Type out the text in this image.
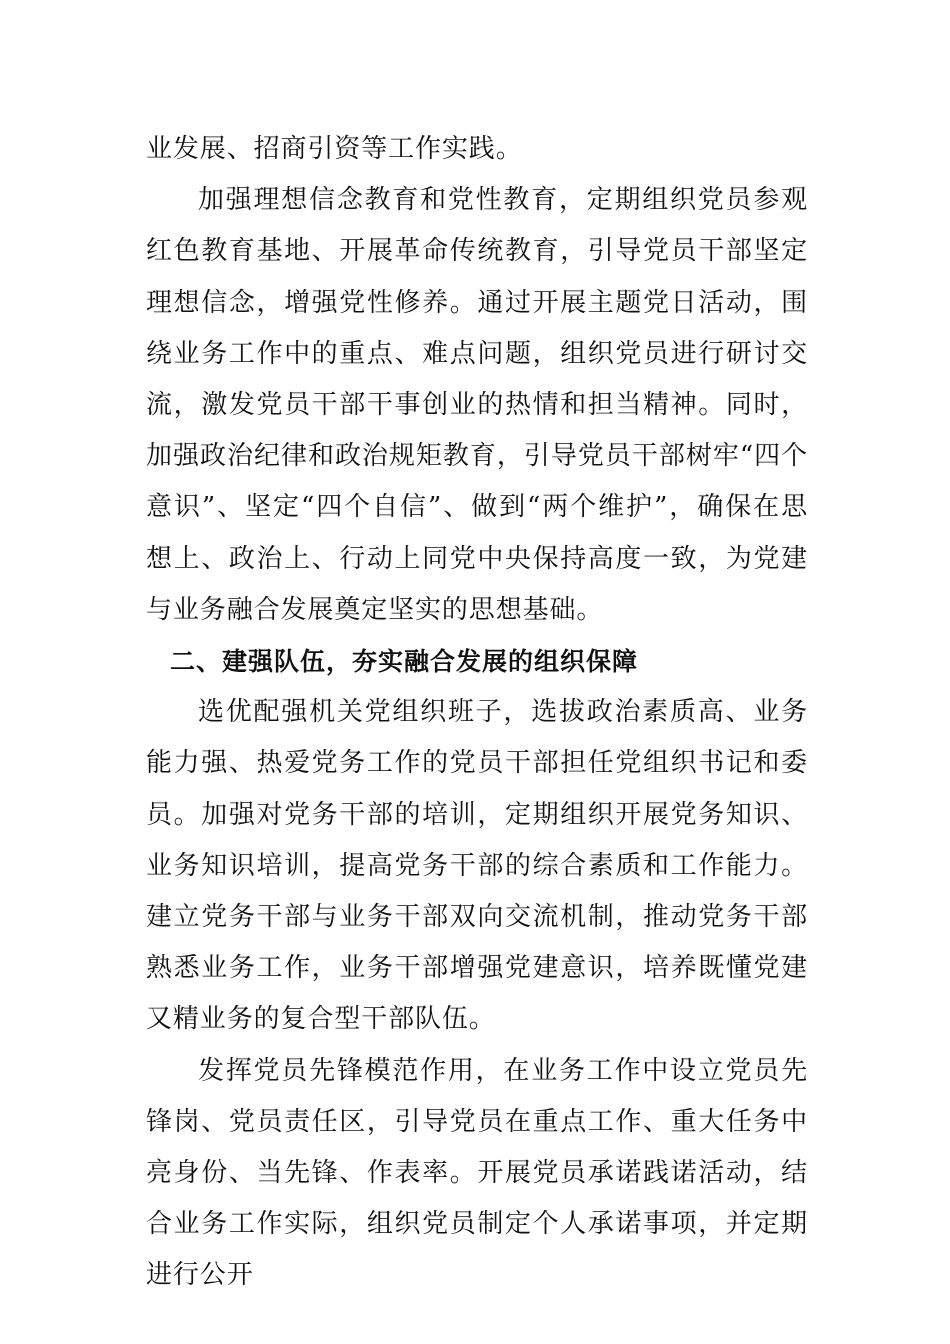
业发展、招商引资等工作实践。

加强理想信念教育和党性教育，定期组织党员参观红色教育基地、开展革命传统教育，引导党员干部坚定理想信念，增强党性修养。通过开展主题党日活动，围绕业务工作中的重点、难点问题，组织党员进行研讨交流，激发党员干部干事创业的热情和担当精神。同时，加强政治纪律和政治规矩教育，引导党员干部树牢“四个意识”、坚定“四个自信”、做到“两个维护”，确保在思想上、政治上、行动上同党中央保持高度一致，为党建与业务融合发展奠定坚实的思想基础。

二、建强队伍，夯实融合发展的组织保障

选优配强机关党组织班子，选拔政治素质高、业务能力强、热爱党务工作的党员干部担任党组织书记和委员。加强对党务干部的培训，定期组织开展党务知识、业务知识培训，提高党务干部的综合素质和工作能力。建立党务干部与业务干部双向交流机制，推动党务干部熟悉业务工作，业务干部增强党建意识，培养既懂党建又精业务的复合型干部队伍。

发挥党员先锋模范作用，在业务工作中设立党员先锋岗、党员责任区，引导党员在重点工作、重大任务中亮身份、当先锋、作表率。开展党员承诺践诺活动，结合业务工作实际，组织党员制定个人承诺事项，并定期进行公开
